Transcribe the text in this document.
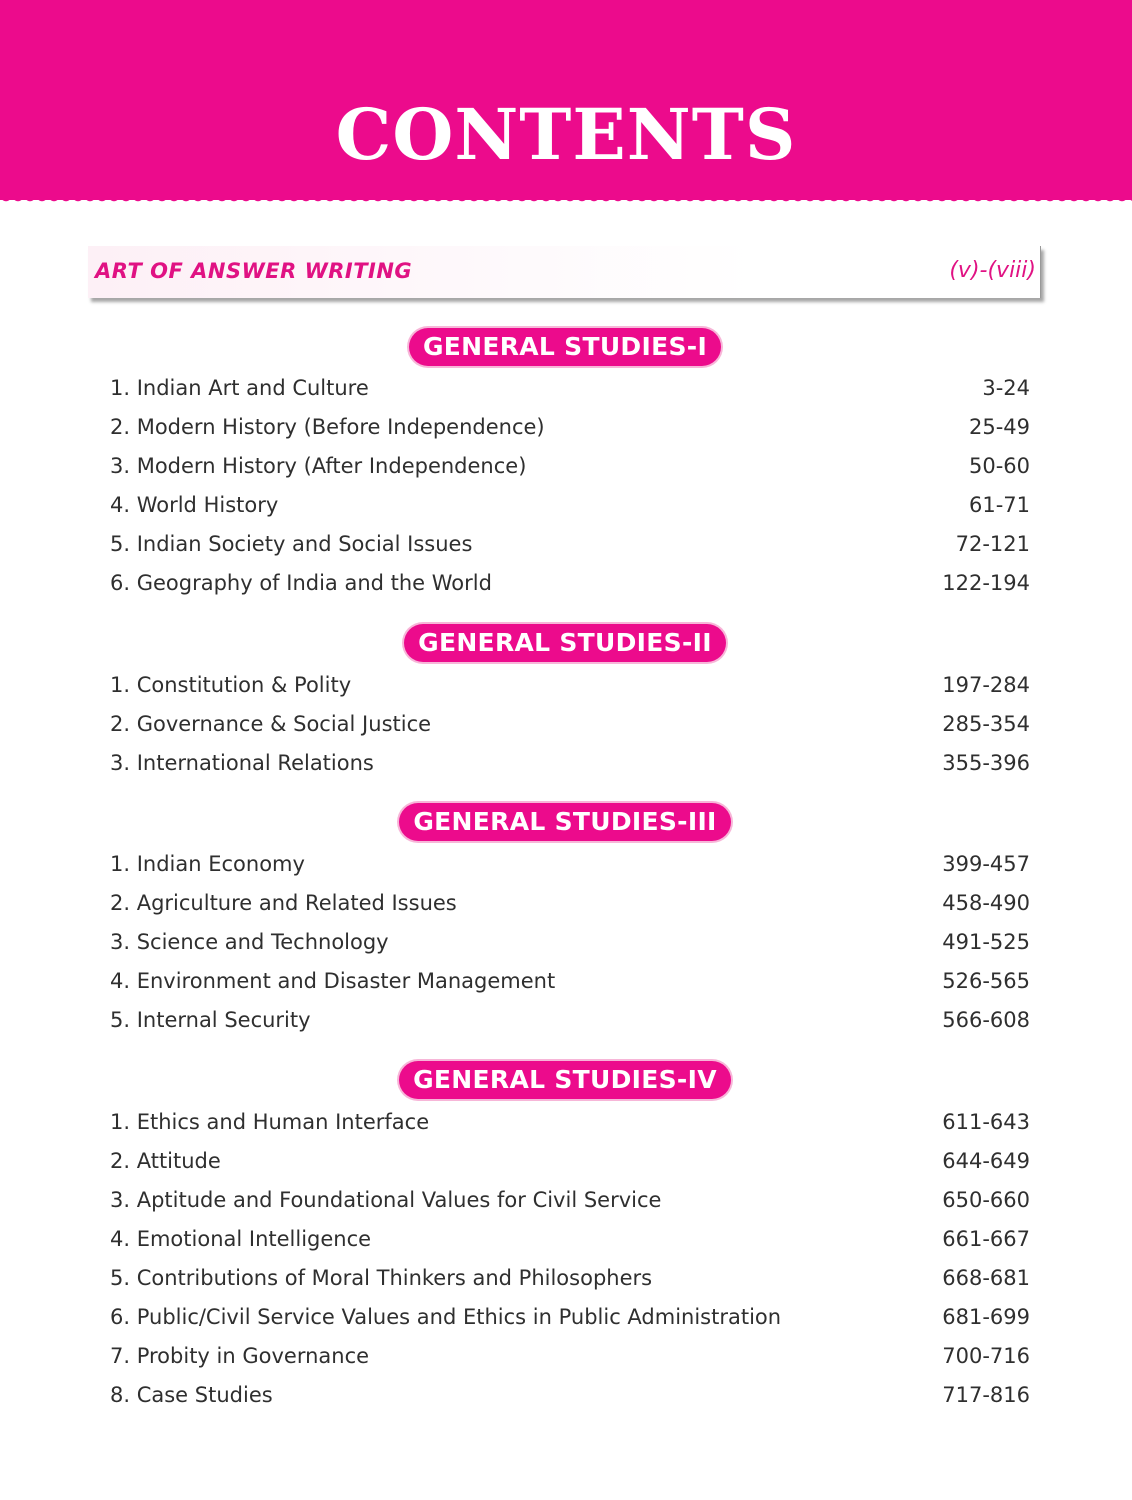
CONTENTS
ART OF ANSWER WRITING	(v)-(viii)
GENERAL STUDIES-I
1. Indian Art and Culture	3-24
2. Modern History (Before Independence)	25-49
3. Modern History (After Independence)	50-60
4. World History	61-71
5. Indian Society and Social Issues	72-121
6. Geography of India and the World	122-194
GENERAL STUDIES-II
1. Constitution & Polity	197-284
2. Governance & Social Justice	285-354
3. International Relations	355-396
GENERAL STUDIES-III
1. Indian Economy	399-457
2. Agriculture and Related Issues	458-490
3. Science and Technology	491-525
4. Environment and Disaster Management	526-565
5. Internal Security	566-608
GENERAL STUDIES-IV
1. Ethics and Human Interface	611-643
2. Attitude	644-649
3. Aptitude and Foundational Values for Civil Service	650-660
4. Emotional Intelligence	661-667
5. Contributions of Moral Thinkers and Philosophers	668-681
6. Public/Civil Service Values and Ethics in Public Administration	681-699
7. Probity in Governance	700-716
8. Case Studies	717-816
